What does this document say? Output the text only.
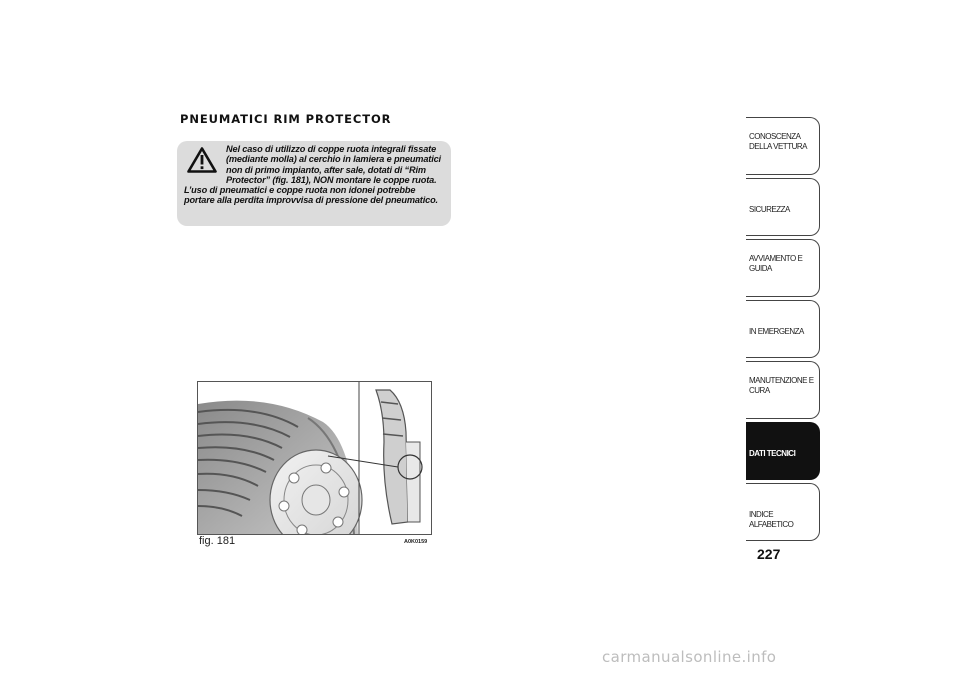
PNEUMATICI RIM PROTECTOR

Nel caso di utilizzo di coppe ruota integrali fissate (mediante molla) al cerchio in lamiera e pneumatici non di primo impianto, after sale, dotati di “Rim Protector” (fig. 181), NON montare le coppe ruota. L’uso di pneumatici e coppe ruota non idonei potrebbe portare alla perdita improvvisa di pressione del pneumatico.

fig. 181	A0K0159
CONOSCENZA DELLA VETTURA
SICUREZZA
AVVIAMENTO E GUIDA
IN EMERGENZA
MANUTENZIONE E CURA
DATI TECNICI
INDICE ALFABETICO
227
carmanualsonline.info
